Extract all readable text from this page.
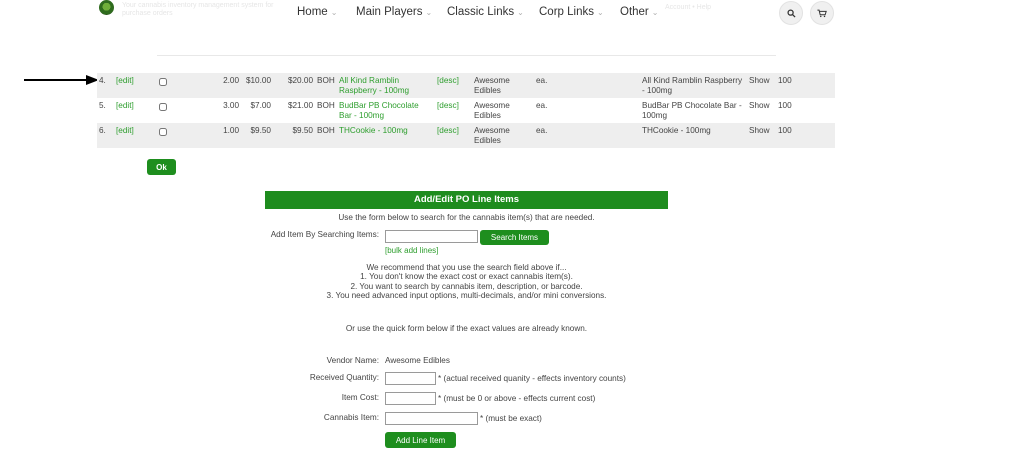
Your cannabis inventory management system for purchase orders	Home ⌄ Main Players ⌄ Classic Links ⌄ Corp Links ⌄ Other ⌄
Account • Help
4.	[edit]		2.00	$10.00	$20.00	BOH	All Kind Ramblin Raspberry - 100mg	[desc]	Awesome Edibles	ea.	All Kind Ramblin Raspberry - 100mg	Show	100
5.	[edit]		3.00	$7.00	$21.00	BOH	BudBar PB Chocolate Bar - 100mg	[desc]	Awesome Edibles	ea.	BudBar PB Chocolate Bar - 100mg	Show	100
6.	[edit]		1.00	$9.50	$9.50	BOH	THCookie - 100mg	[desc]	Awesome Edibles	ea.	THCookie - 100mg	Show	100
Ok
Add/Edit PO Line Items
Use the form below to search for the cannabis item(s) that are needed.
Add Item By Searching Items:	Search Items
[bulk add lines]
We recommend that you use the search field above if...
1. You don't know the exact cost or exact cannabis item(s).
2. You want to search by cannabis item, description, or barcode.
3. You need advanced input options, multi-decimals, and/or mini conversions.
Or use the quick form below if the exact values are already known.
Vendor Name: Awesome Edibles
Received Quantity:	* (actual received quanity - effects inventory counts)
Item Cost:	* (must be 0 or above - effects current cost)
Cannabis Item:	* (must be exact)
Add Line Item
